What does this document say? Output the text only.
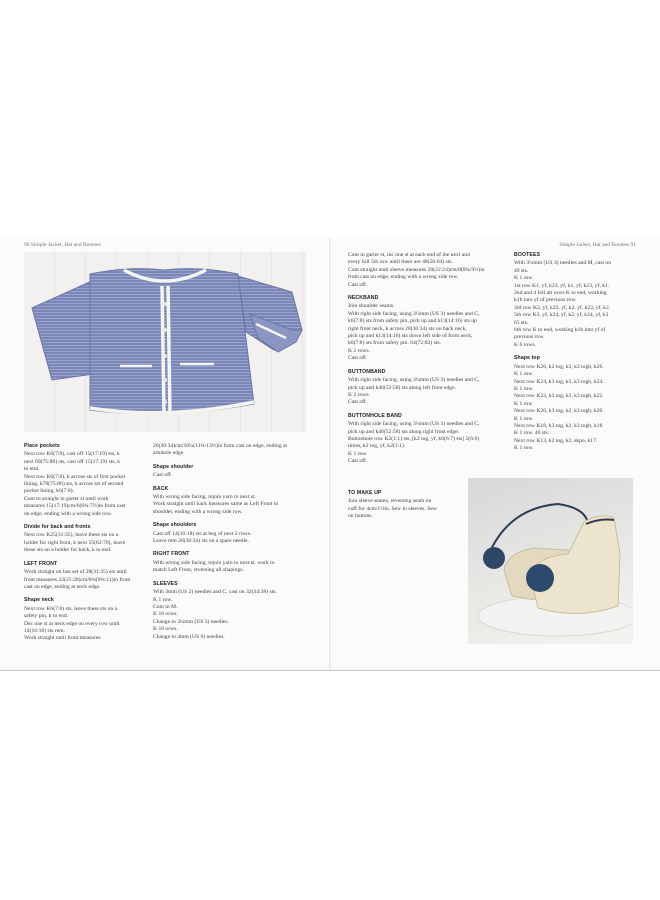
90 Simple Jacket, Hat and Bootees	Simple Jacket, Hat and Bootees 91
Place pockets
Next row K6(7:8), cast off 15(17:19) sts, k
next 69(75:88) sts, cast off 15(17:19) sts, k
to end.
Next row K6(7:8), k across sts of first pocket
lining, k70(75:86) sts, k across sts of second
pocket lining, k6(7:8).
Cont to straight in garter st until work
measures 15(17:19)cm/6(6¾:7½)in from cast
on edge, ending with a wrong side row.
Divide for back and fronts
Next row K25(31:35), leave these sts on a
holder for right front, k next 55(62:70), leave
these sts on a holder for back, k to end.
LEFT FRONT
Work straight on last set of 28(31:35) sts until
front measures 22(25:28)cm/8¾(9¾:11)in from
cast on edge, ending at neck edge.
Shape neck
Next row K6(7:8) sts, leave these sts on a
safety pin, k to end.
Dec one st at neck edge on every row until
14(16:18) sts rem.
Work straight until front measures
26(30:34)cm/10¼(11¾:13½)in from cast on edge, ending at
armhole edge.
Shape shoulder
Cast off.
BACK
With wrong side facing, rejoin yarn to next st.
Work straight until back measures same as Left Front to
shoulder, ending with a wrong side row.
Shape shoulders
Cast off 14(16:18) sts at beg of next 2 rows.
Leave rem 28(30:34) sts on a spare needle.
RIGHT FRONT
With wrong side facing, rejoin yarn to next st. work to
match Left Front, reversing all shapings.
SLEEVES
With 3mm (US 2) needles and C, cast on 32(34:38) sts.
K 1 row.
Cont in M.
K 16 rows.
Change to 3¼mm (US 3) needles.
K 16 rows.
Change to 4mm (US 6) needles.
Cont in garter st, inc one st at each end of the next and
every foll 5th row until there are 48(56:64) sts.
Cont straight until sleeve measures 20(22:24)cm/8(8¾:9½)in
from cast on edge, ending with a wrong side row.
Cast off.
NECKBAND
Join shoulder seams.
With right side facing, using 3¼mm (US 3) needles and C,
k6(7:8) sts from safety pin, pick up and k13(14:16) sts up
right front neck, k across 28(30:34) sts on back neck,
pick up and k13(14:16) sts down left side of front neck,
k6(7:8) sts from safety pin. 64(72:82) sts.
K 2 rows.
Cast off.
BUTTONBAND
With right side facing, using 3¼mm (US 3) needles and C,
pick up and k46(52:58) sts along left front edge.
K 2 rows.
Cast off.
BUTTONHOLE BAND
With right side facing, using 3¼mm (US 3) needles and C,
pick up and k46(52:58) sts along right front edge.
Buttonhole row K2(1:1) sts, [k2 tog, yf, k6(6:7) sts] 5(6:6)
times, k2 tog, yf, k2(1:1).
K 1 row.
Cast off.
BOOTEES
With 3¼mm (US 3) needles and M, cast on
49 sts.
K 1 row.
1st row K1, yf, k23, yf, k1, yf, k23, yf, k1.
2nd and 4 foll alt rows K to end, working
k1b into yf of previous row.
3rd row K2, yf, k23, yf, k2, yf, k23, yf, k2.
5th row K3, yf, k24, yf, k2, yf, k24, yf, k3
65 sts.
6th row K to end, working k1b into yf of
previous row.
K 6 rows.
Shape top
Next row K26, k2 tog, k3, k3 togb, k26.
K 1 row.
Next row K24, k3 tog, k3, k3 togb, k24.
K 1 row.
Next row K22, k3 tog, k3, k3 togb, k22.
K 1 row.
Next row K20, k3 tog, k2, k3 togb, k20.
K 1 row.
Next row K18, k3 tog, k2, k3 togb, k18.
K 1 row. 40 sts.
Next row K13, k2 tog, k2, skpo, k17.
K 1 row.
TO MAKE UP
Join sleeve seams, reversing seam on
cuff for 4cm/1½in. Sew in sleeves. Sew
on buttons.
